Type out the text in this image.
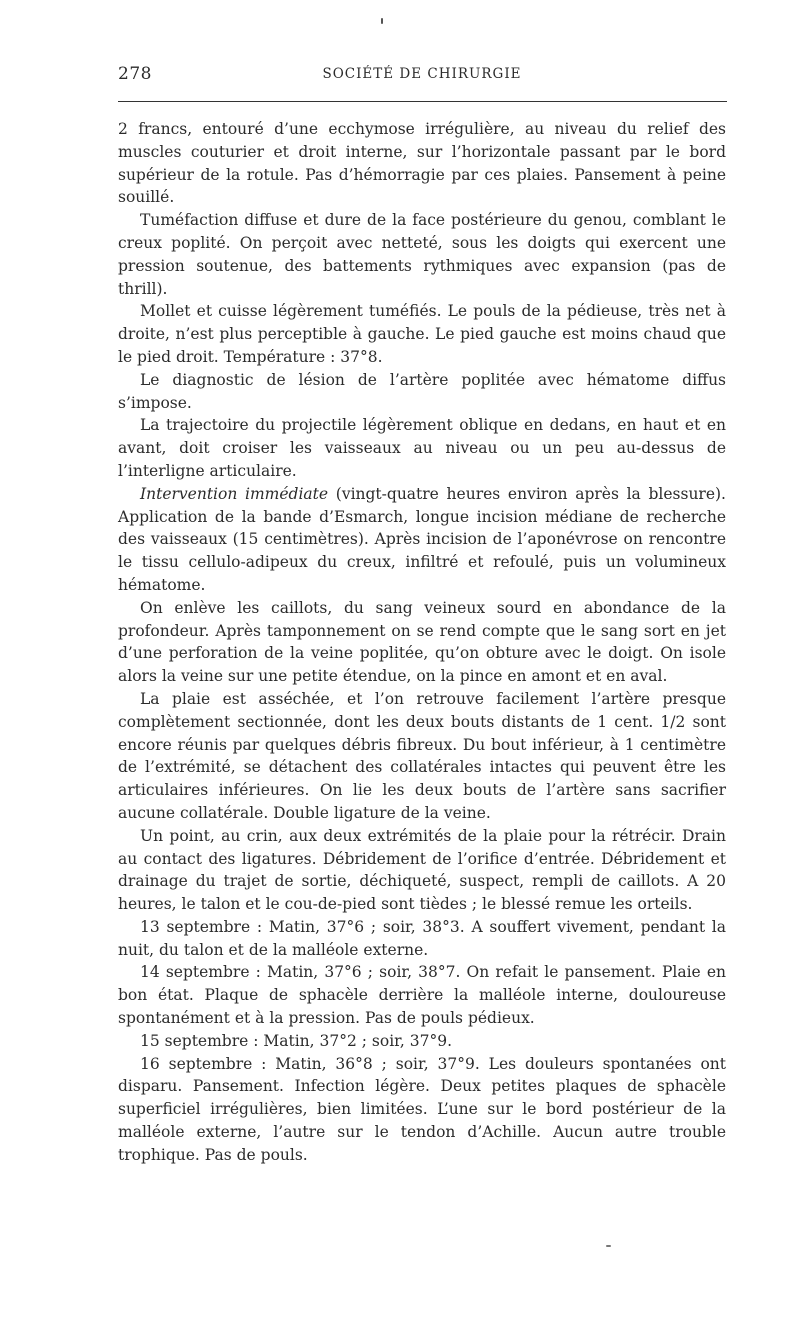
278	SOCIÉTÉ DE CHIRURGIE

2 francs, entouré d’une ecchymose irrégulière, au niveau du relief des muscles couturier et droit interne, sur l’horizontale passant par le bord supérieur de la rotule. Pas d’hémorragie par ces plaies. Pansement à peine souillé.

Tuméfaction diffuse et dure de la face postérieure du genou, comblant le creux poplité. On perçoit avec netteté, sous les doigts qui exercent une pression soutenue, des battements rythmiques avec expansion (pas de thrill).

Mollet et cuisse légèrement tuméfiés. Le pouls de la pédieuse, très net à droite, n’est plus perceptible à gauche. Le pied gauche est moins chaud que le pied droit. Température : 37°8.

Le diagnostic de lésion de l’artère poplitée avec hématome diffus s’impose.

La trajectoire du projectile légèrement oblique en dedans, en haut et en avant, doit croiser les vaisseaux au niveau ou un peu au-dessus de l’interligne articulaire.

Intervention immédiate (vingt-quatre heures environ après la blessure). Application de la bande d’Esmarch, longue incision médiane de recherche des vaisseaux (15 centimètres). Après incision de l’aponévrose on rencontre le tissu cellulo-adipeux du creux, infiltré et refoulé, puis un volumineux hématome.

On enlève les caillots, du sang veineux sourd en abondance de la profondeur. Après tamponnement on se rend compte que le sang sort en jet d’une perforation de la veine poplitée, qu’on obture avec le doigt. On isole alors la veine sur une petite étendue, on la pince en amont et en aval.

La plaie est asséchée, et l’on retrouve facilement l’artère presque complètement sectionnée, dont les deux bouts distants de 1 cent. 1/2 sont encore réunis par quelques débris fibreux. Du bout inférieur, à 1 centimètre de l’extrémité, se détachent des collatérales intactes qui peuvent être les articulaires inférieures. On lie les deux bouts de l’artère sans sacrifier aucune collatérale. Double ligature de la veine.

Un point, au crin, aux deux extrémités de la plaie pour la rétrécir. Drain au contact des ligatures. Débridement de l’orifice d’entrée. Débridement et drainage du trajet de sortie, déchiqueté, suspect, rempli de caillots. A 20 heures, le talon et le cou-de-pied sont tièdes ; le blessé remue les orteils.

13 septembre : Matin, 37°6 ; soir, 38°3. A souffert vivement, pendant la nuit, du talon et de la malléole externe.

14 septembre : Matin, 37°6 ; soir, 38°7. On refait le pansement. Plaie en bon état. Plaque de sphacèle derrière la malléole interne, douloureuse spontanément et à la pression. Pas de pouls pédieux.

15 septembre : Matin, 37°2 ; soir, 37°9.

16 septembre : Matin, 36°8 ; soir, 37°9. Les douleurs spontanées ont disparu. Pansement. Infection légère. Deux petites plaques de sphacèle superficiel irrégulières, bien limitées. L’une sur le bord postérieur de la malléole externe, l’autre sur le tendon d’Achille. Aucun autre trouble trophique. Pas de pouls.
